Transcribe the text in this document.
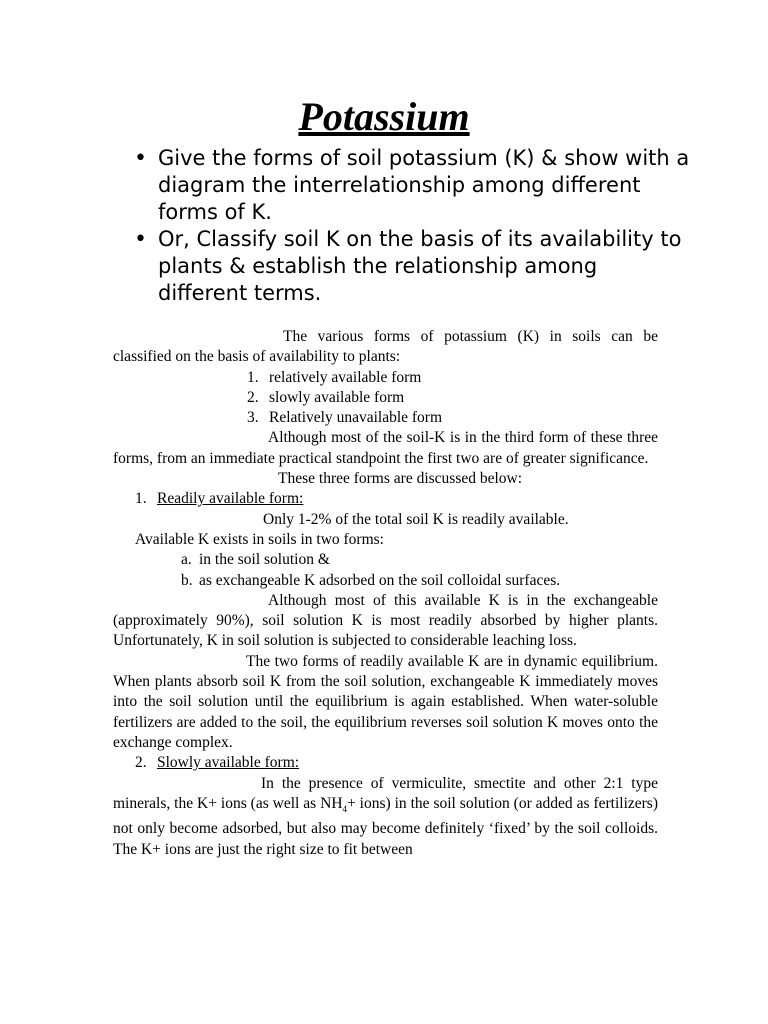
Potassium
• Give the forms of soil potassium (K) & show with a diagram the interrelationship among different forms of K.
• Or, Classify soil K on the basis of its availability to plants & establish the relationship among different terms.

The various forms of potassium (K) in soils can be classified on the basis of availability to plants:

1. relatively available form
2. slowly available form
3. Relatively unavailable form

Although most of the soil-K is in the third form of these three forms, from an immediate practical standpoint the first two are of greater significance.

These three forms are discussed below:

1. Readily available form:

Only 1-2% of the total soil K is readily available.

Available K exists in soils in two forms:

a. in the soil solution &
b. as exchangeable K adsorbed on the soil colloidal surfaces.

Although most of this available K is in the exchangeable (approximately 90%), soil solution K is most readily absorbed by higher plants. Unfortunately, K in soil solution is subjected to considerable leaching loss.

The two forms of readily available K are in dynamic equilibrium. When plants absorb soil K from the soil solution, exchangeable K immediately moves into the soil solution until the equilibrium is again established. When water-soluble fertilizers are added to the soil, the equilibrium reverses soil solution K moves onto the exchange complex.

2. Slowly available form:

In the presence of vermiculite, smectite and other 2:1 type minerals, the K+ ions (as well as $NH_4+$ ions) in the soil solution (or added as fertilizers) not only become adsorbed, but also may become definitely ‘fixed’ by the soil colloids. The K+ ions are just the right size to fit between
